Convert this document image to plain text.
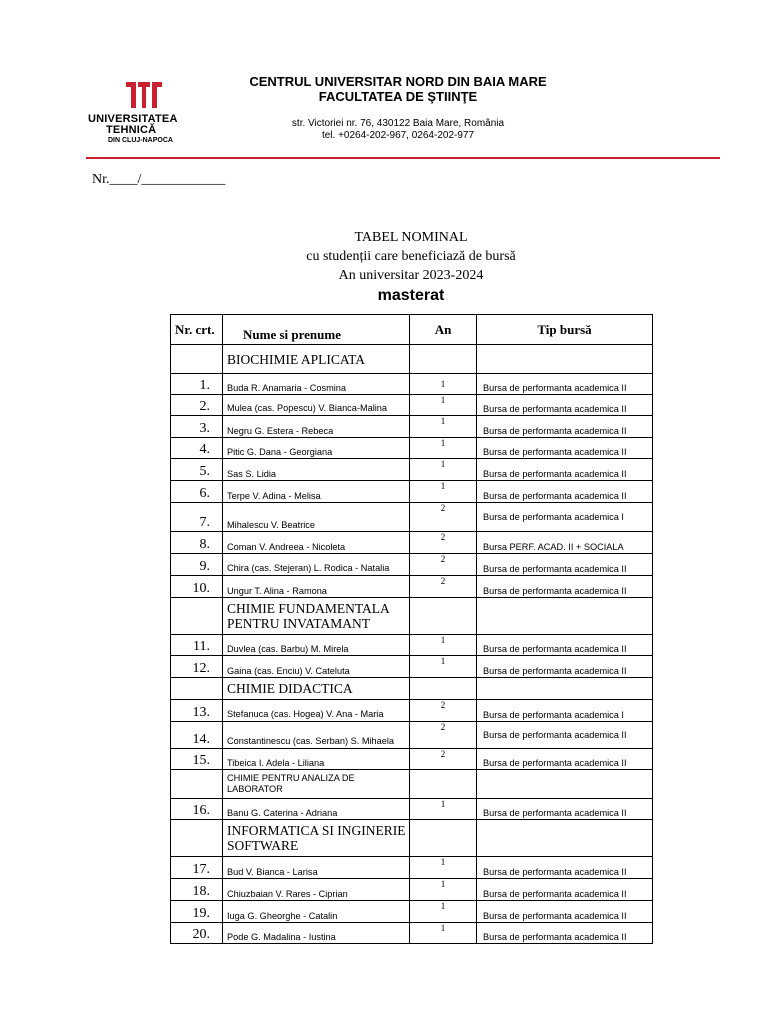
UNIVERSITATEA
TEHNICĂ
DIN CLUJ-NAPOCA
CENTRUL UNIVERSITAR NORD DIN BAIA MARE
FACULTATEA DE ŞTIINŢE
str. Victoriei nr. 76, 430122 Baia Mare, România
tel. +0264-202-967, 0264-202-977
Nr.____/____________
TABEL NOMINAL
cu studenții care beneficiază de bursă
An universitar 2023-2024
masterat
Nr. crt.	Nume si prenume	An	Tip bursă
	BIOCHIMIE APLICATA		
1.	Buda R. Anamaria - Cosmina	1	Bursa de performanta academica II
2.	Mulea (cas. Popescu) V. Bianca-Malina	1	Bursa de performanta academica II
3.	Negru G. Estera - Rebeca	1	Bursa de performanta academica II
4.	Pitic G. Dana - Georgiana	1	Bursa de performanta academica II
5.	Sas S. Lidia	1	Bursa de performanta academica II
6.	Terpe V. Adina - Melisa	1	Bursa de performanta academica II
7.	Mihalescu V. Beatrice	2	Bursa de performanta academica I
8.	Coman V. Andreea - Nicoleta	2	Bursa PERF. ACAD. II + SOCIALA
9.	Chira (cas. Stejeran) L. Rodica - Natalia	2	Bursa de performanta academica II
10.	Ungur T. Alina - Ramona	2	Bursa de performanta academica II
	CHIMIE FUNDAMENTALA PENTRU INVATAMANT		
11.	Duvlea (cas. Barbu) M. Mirela	1	Bursa de performanta academica II
12.	Gaina (cas. Enciu) V. Cateluta	1	Bursa de performanta academica II
	CHIMIE DIDACTICA		
13.	Stefanuca (cas. Hogea) V. Ana - Maria	2	Bursa de performanta academica I
14.	Constantinescu (cas. Serban) S. Mihaela	2	Bursa de performanta academica II
15.	Tibeica I. Adela - Liliana	2	Bursa de performanta academica II
	CHIMIE PENTRU ANALIZA DE LABORATOR		
16.	Banu G. Caterina - Adriana	1	Bursa de performanta academica II
	INFORMATICA SI INGINERIE SOFTWARE		
17.	Bud V. Bianca - Larisa	1	Bursa de performanta academica II
18.	Chiuzbaian V. Rares - Ciprian	1	Bursa de performanta academica II
19.	Iuga G. Gheorghe - Catalin	1	Bursa de performanta academica II
20.	Pode G. Madalina - Iustina	1	Bursa de performanta academica II
